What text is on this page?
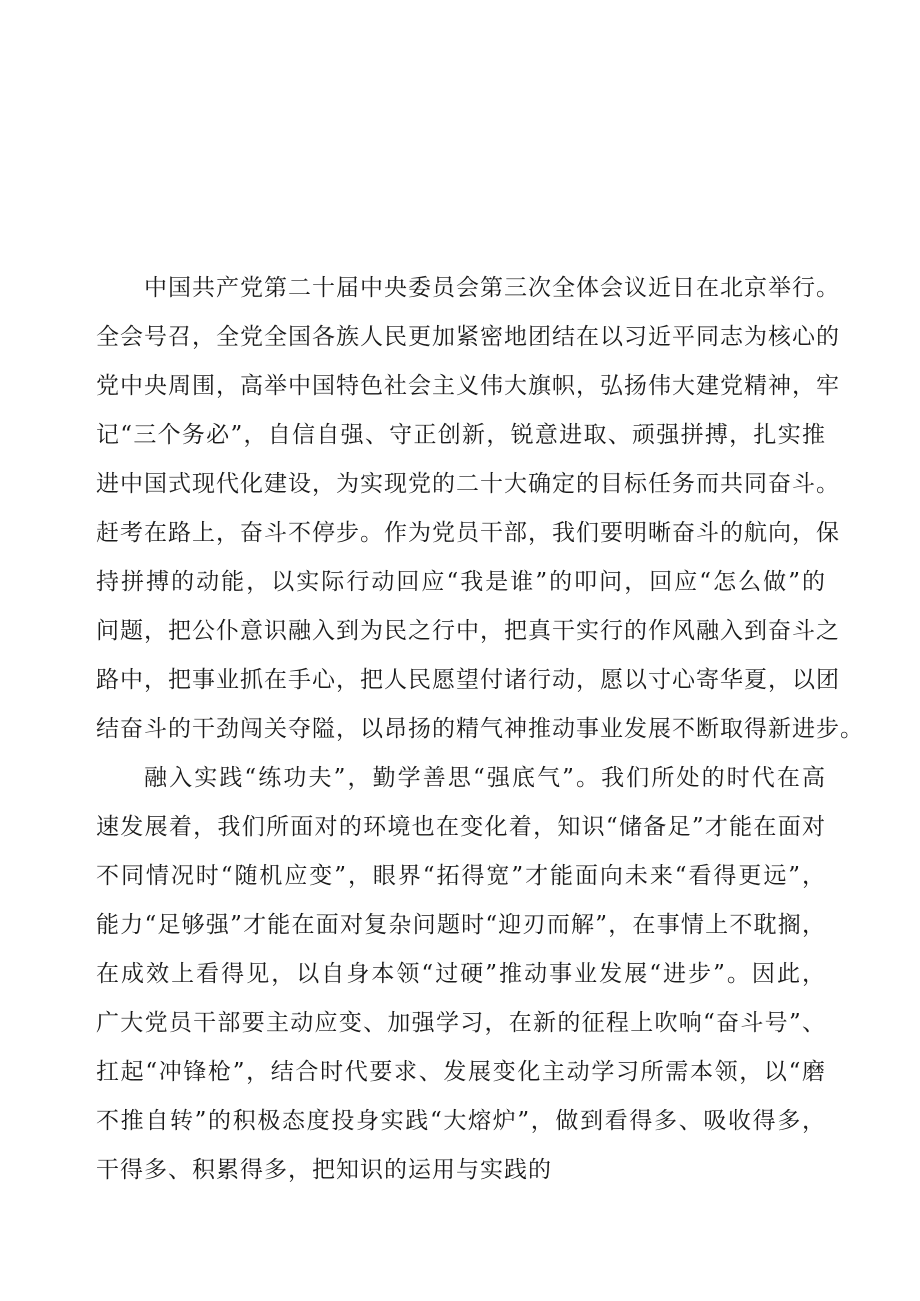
中国共产党第二十届中央委员会第三次全体会议近日在北京举行。
全会号召，全党全国各族人民更加紧密地团结在以习近平同志为核心的
党中央周围，高举中国特色社会主义伟大旗帜，弘扬伟大建党精神，牢
记“三个务必”，自信自强、守正创新，锐意进取、顽强拼搏，扎实推
进中国式现代化建设，为实现党的二十大确定的目标任务而共同奋斗。
赶考在路上，奋斗不停步。作为党员干部，我们要明晰奋斗的航向，保
持拼搏的动能，以实际行动回应“我是谁”的叩问，回应“怎么做”的
问题，把公仆意识融入到为民之行中，把真干实行的作风融入到奋斗之
路中，把事业抓在手心，把人民愿望付诸行动，愿以寸心寄华夏，以团
结奋斗的干劲闯关夺隘，以昂扬的精气神推动事业发展不断取得新进步。
融入实践“练功夫”，勤学善思“强底气”。我们所处的时代在高
速发展着，我们所面对的环境也在变化着，知识“储备足”才能在面对
不同情况时“随机应变”，眼界“拓得宽”才能面向未来“看得更远”，
能力“足够强”才能在面对复杂问题时“迎刃而解”，在事情上不耽搁，
在成效上看得见，以自身本领“过硬”推动事业发展“进步”。因此，
广大党员干部要主动应变、加强学习，在新的征程上吹响“奋斗号”、
扛起“冲锋枪”，结合时代要求、发展变化主动学习所需本领，以“磨
不推自转”的积极态度投身实践“大熔炉”，做到看得多、吸收得多，
干得多、积累得多，把知识的运用与实践的
